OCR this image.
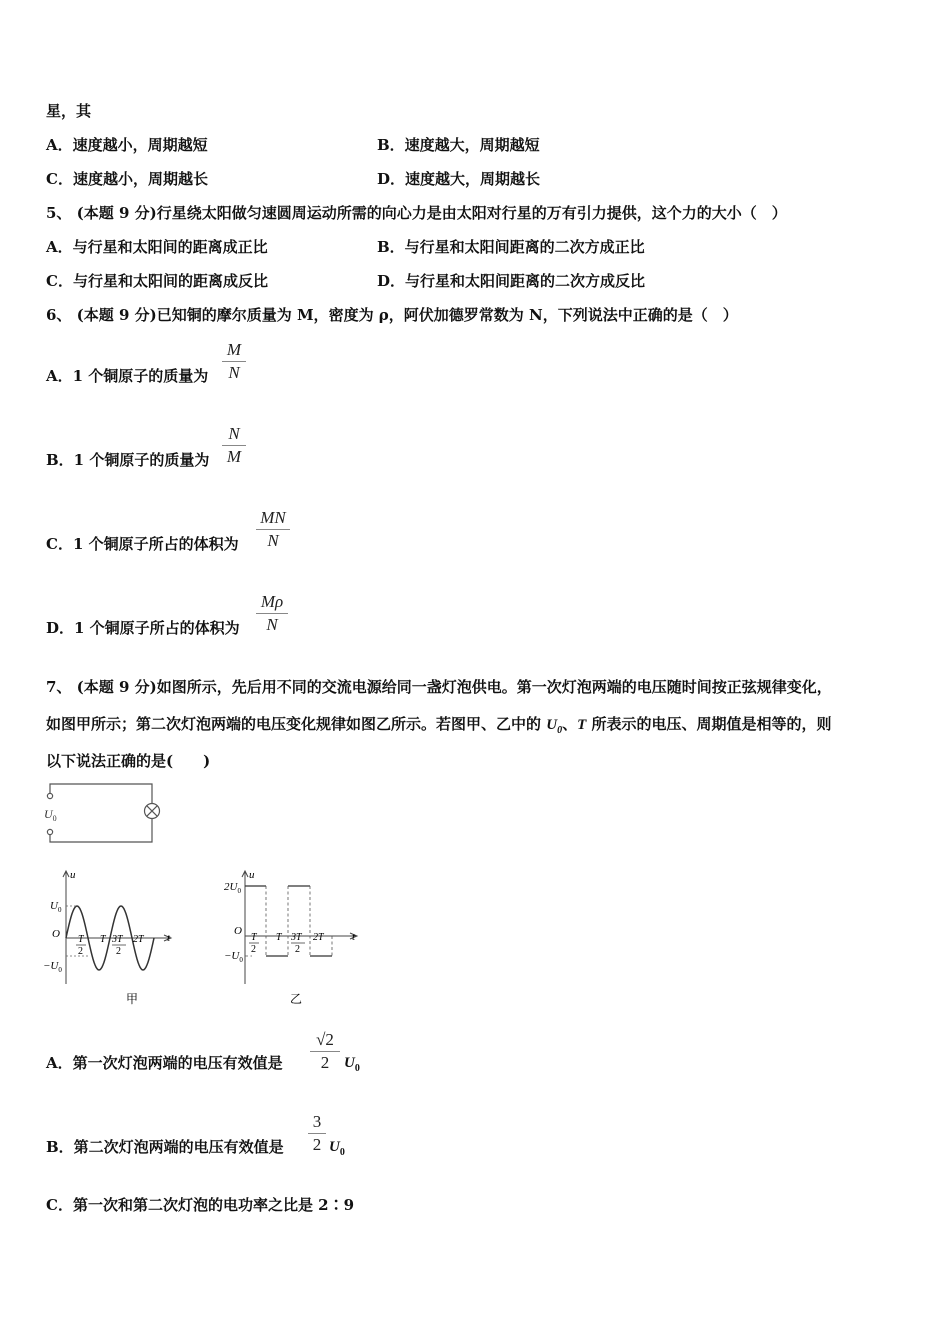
星，其
A．速度越小，周期越短	B．速度越大，周期越短
C．速度越小，周期越长	D．速度越大，周期越长
5、 (本题 9 分)行星绕太阳做匀速圆周运动所需的向心力是由太阳对行星的万有引力提供，这个力的大小（　）
A．与行星和太阳间的距离成正比	B．与行星和太阳间距离的二次方成正比
C．与行星和太阳间的距离成反比	D．与行星和太阳间距离的二次方成反比
6、 (本题 9 分)已知铜的摩尔质量为 M，密度为 ρ，阿伏加德罗常数为 N，下列说法中正确的是（　）
A．1 个铜原子的质量为
M
N
B．1 个铜原子的质量为
N
M
C．1 个铜原子所占的体积为
MN
N
D．1 个铜原子所占的体积为
Mρ
N
7、 (本题 9 分)如图所示，先后用不同的交流电源给同一盏灯泡供电。第一次灯泡两端的电压随时间按正弦规律变化，
如图甲所示；第二次灯泡两端的电压变化规律如图乙所示。若图甲、乙中的 $U_0$、T 所表示的电压、周期值是相等的，则
以下说法正确的是(　　)
$U_0$
u
t
O
$U_0$
$-U_0$
T
2
T 3T
2
2T
甲
u
t
O
$2U_0$
$-U_0$
T
2
T 3T
2
2T
乙
A．第一次灯泡两端的电压有效值是
√2
2 $U_0$
B．第二次灯泡两端的电压有效值是
3
2 $U_0$
C．第一次和第二次灯泡的电功率之比是 2∶9
